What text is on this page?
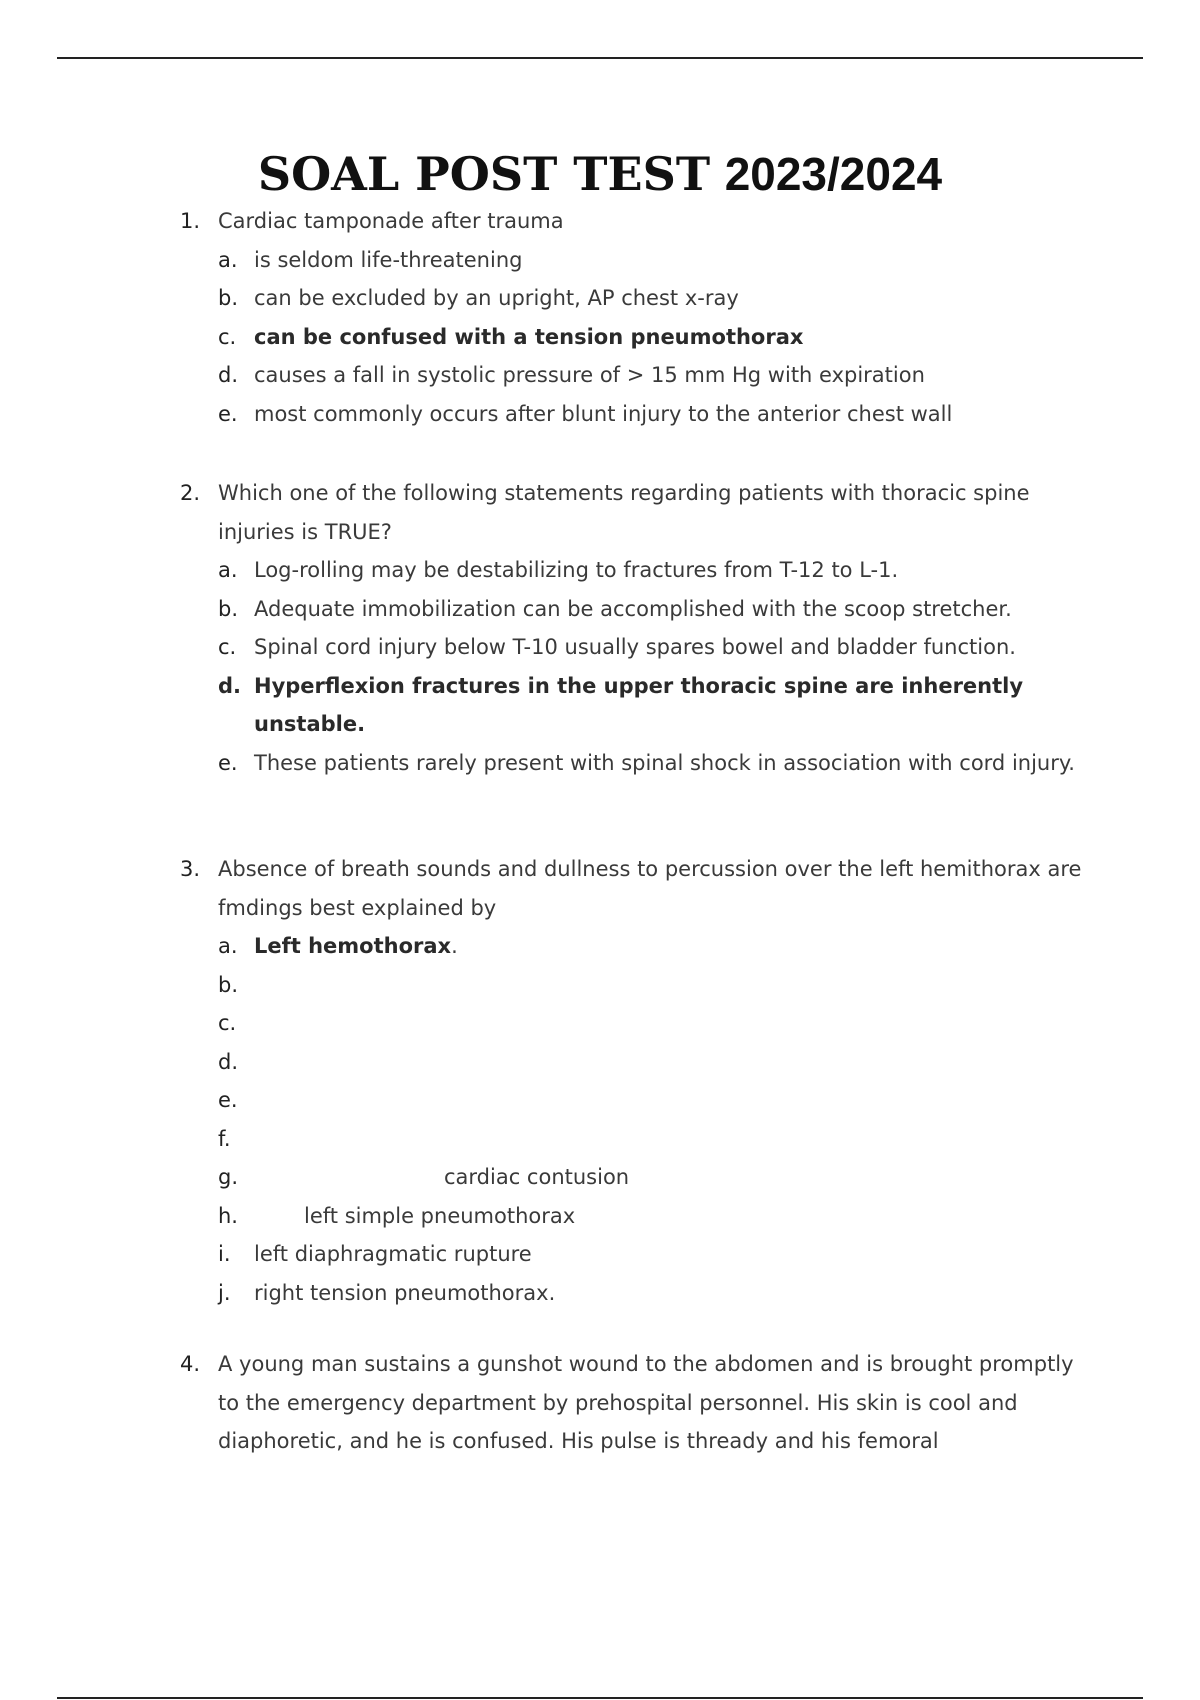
SOAL POST TEST 2023/2024
1. Cardiac tamponade after trauma
a. is seldom life-threatening
b. can be excluded by an upright, AP chest x-ray
c. can be confused with a tension pneumothorax
d. causes a fall in systolic pressure of > 15 mm Hg with expiration
e. most commonly occurs after blunt injury to the anterior chest wall
2. Which one of the following statements regarding patients with thoracic spine injuries is TRUE?
a. Log-rolling may be destabilizing to fractures from T-12 to L-1.
b. Adequate immobilization can be accomplished with the scoop stretcher.
c. Spinal cord injury below T-10 usually spares bowel and bladder function.
d. Hyperflexion fractures in the upper thoracic spine are inherently unstable.
e. These patients rarely present with spinal shock in association with cord injury.
3. Absence of breath sounds and dullness to percussion over the left hemithorax are fmdings best explained by
a. Left hemothorax.
b.
c.
d.
e.
f.
g.	cardiac contusion
h.	left simple pneumothorax
i.	left diaphragmatic rupture
j.	right tension pneumothorax.
4. A young man sustains a gunshot wound to the abdomen and is brought promptly to the emergency department by prehospital personnel. His skin is cool and diaphoretic, and he is confused. His pulse is thready and his femoral
